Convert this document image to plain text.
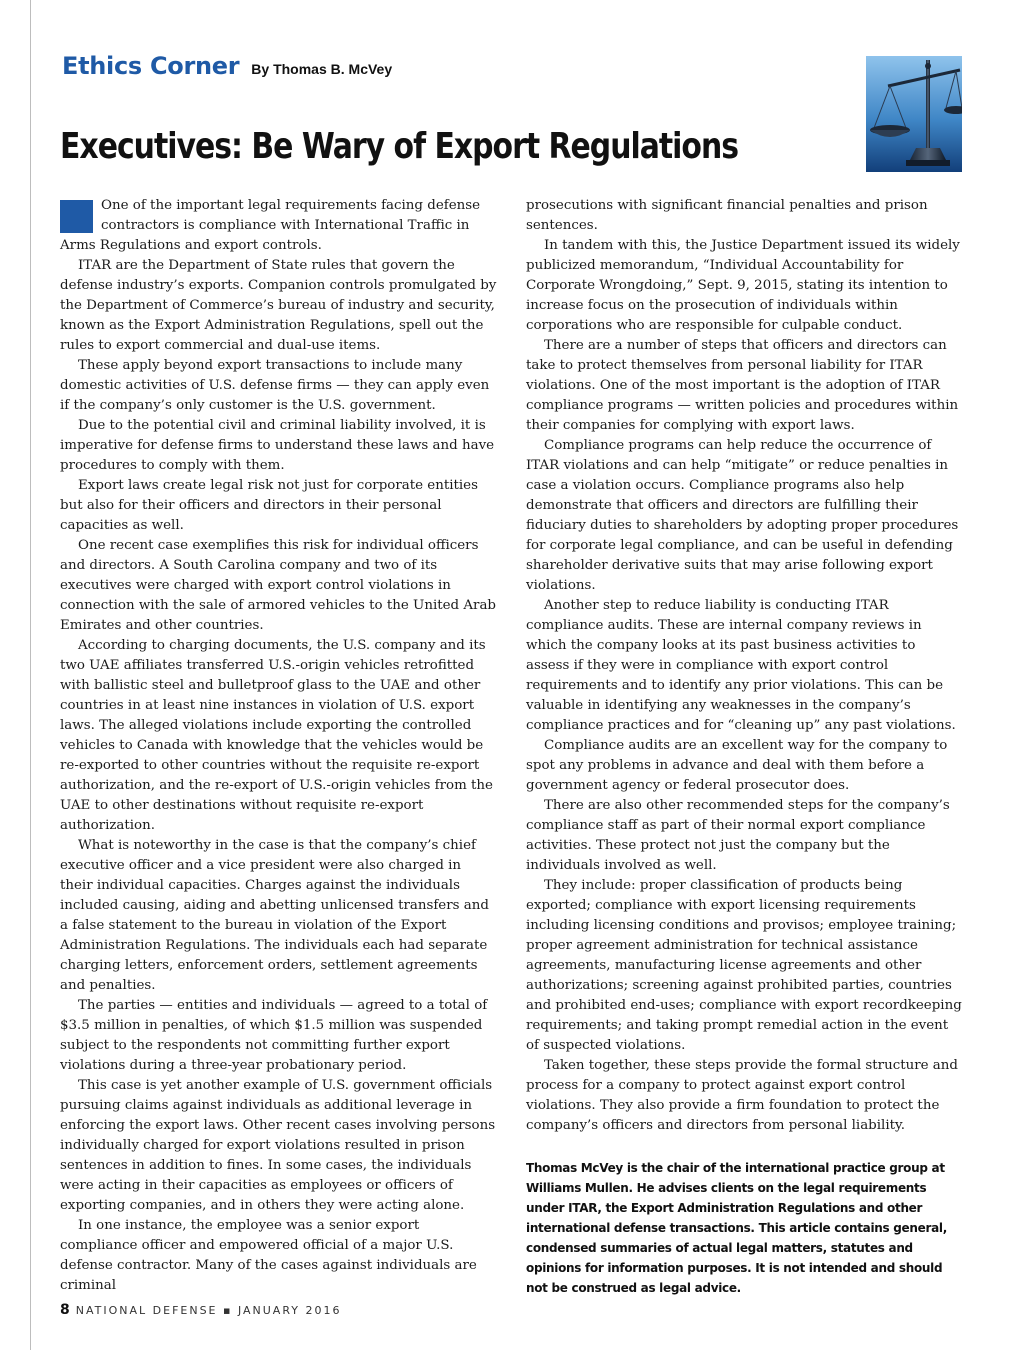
Ethics Corner By Thomas B. McVey
Executives: Be Wary of Export Regulations

One of the important legal requirements facing defense contractors is compliance with International Traffic in Arms Regulations and export controls.

ITAR are the Department of State rules that govern the defense industry’s exports. Companion controls promulgated by the Department of Commerce’s bureau of industry and security, known as the Export Administration Regulations, spell out the rules to export commercial and dual-use items.

These apply beyond export transactions to include many domestic activities of U.S. defense firms — they can apply even if the company’s only customer is the U.S. government.

Due to the potential civil and criminal liability involved, it is imperative for defense firms to understand these laws and have procedures to comply with them.

Export laws create legal risk not just for corporate entities but also for their officers and directors in their personal capacities as well.

One recent case exemplifies this risk for individual officers and directors. A South Carolina company and two of its executives were charged with export control violations in connection with the sale of armored vehicles to the United Arab Emirates and other countries.

According to charging documents, the U.S. company and its two UAE affiliates transferred U.S.-origin vehicles retrofitted with ballistic steel and bulletproof glass to the UAE and other countries in at least nine instances in violation of U.S. export laws. The alleged violations include exporting the controlled vehicles to Canada with knowledge that the vehicles would be re-exported to other countries without the requisite re-export authorization, and the re-export of U.S.-origin vehicles from the UAE to other destinations without requisite re-export authorization.

What is noteworthy in the case is that the company’s chief executive officer and a vice president were also charged in their individual capacities. Charges against the individuals included causing, aiding and abetting unlicensed transfers and a false statement to the bureau in violation of the Export Administration Regulations. The individuals each had separate charging letters, enforcement orders, settlement agreements and penalties.

The parties — entities and individuals — agreed to a total of $3.5 million in penalties, of which $1.5 million was suspended subject to the respondents not committing further export violations during a three-year probationary period.

This case is yet another example of U.S. government officials pursuing claims against individuals as additional leverage in enforcing the export laws. Other recent cases involving persons individually charged for export violations resulted in prison sentences in addition to fines. In some cases, the individuals were acting in their capacities as employees or officers of exporting companies, and in others they were acting alone.

In one instance, the employee was a senior export compliance officer and empowered official of a major U.S. defense contractor. Many of the cases against individuals are criminal

prosecutions with significant financial penalties and prison sentences.

In tandem with this, the Justice Department issued its widely publicized memorandum, “Individual Accountability for Corporate Wrongdoing,” Sept. 9, 2015, stating its intention to increase focus on the prosecution of individuals within corporations who are responsible for culpable conduct.

There are a number of steps that officers and directors can take to protect themselves from personal liability for ITAR violations. One of the most important is the adoption of ITAR compliance programs — written policies and procedures within their companies for complying with export laws.

Compliance programs can help reduce the occurrence of ITAR violations and can help “mitigate” or reduce penalties in case a violation occurs. Compliance programs also help demonstrate that officers and directors are fulfilling their fiduciary duties to shareholders by adopting proper procedures for corporate legal compliance, and can be useful in defending shareholder derivative suits that may arise following export violations.

Another step to reduce liability is conducting ITAR compliance audits. These are internal company reviews in which the company looks at its past business activities to assess if they were in compliance with export control requirements and to identify any prior violations. This can be valuable in identifying any weaknesses in the company’s compliance practices and for “cleaning up” any past violations.

Compliance audits are an excellent way for the company to spot any problems in advance and deal with them before a government agency or federal prosecutor does.

There are also other recommended steps for the company’s compliance staff as part of their normal export compliance activities. These protect not just the company but the individuals involved as well.

They include: proper classification of products being exported; compliance with export licensing requirements including licensing conditions and provisos; employee training; proper agreement administration for technical assistance agreements, manufacturing license agreements and other authorizations; screening against prohibited parties, countries and prohibited end-uses; compliance with export recordkeeping requirements; and taking prompt remedial action in the event of suspected violations.

Taken together, these steps provide the formal structure and process for a company to protect against export control violations. They also provide a firm foundation to protect the company’s officers and directors from personal liability.

Thomas McVey is the chair of the international practice group at Williams Mullen. He advises clients on the legal requirements under ITAR, the Export Administration Regulations and other international defense transactions. This article contains general, condensed summaries of actual legal matters, statutes and opinions for information purposes. It is not intended and should not be construed as legal advice.
8 NATIONAL DEFENSE ▪ JANUARY 2016
